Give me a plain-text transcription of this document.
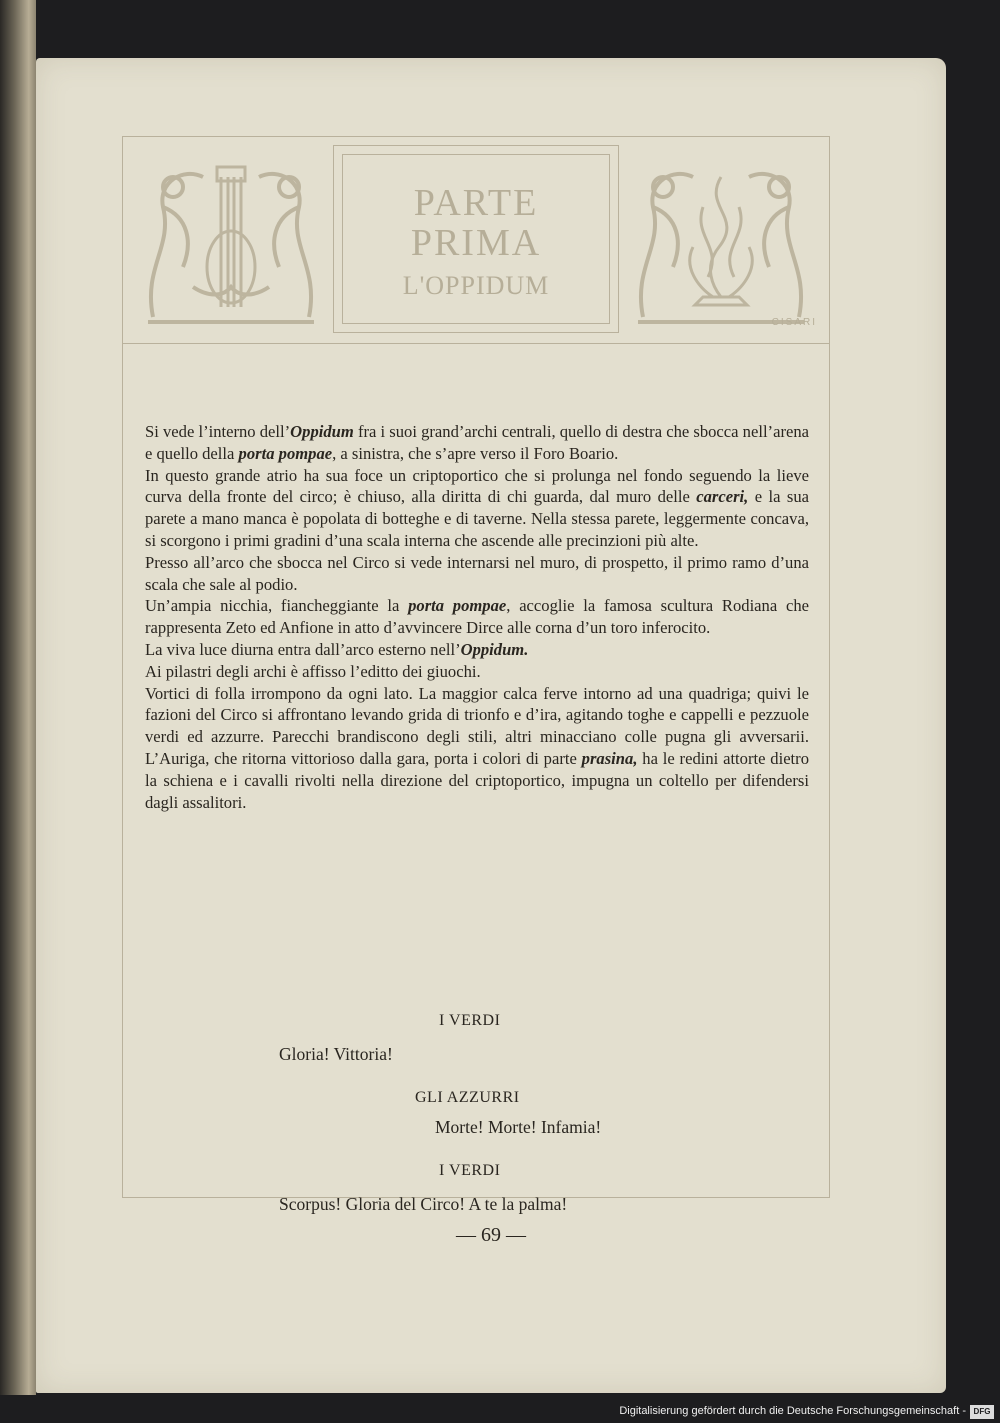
PARTE
PRIMA
L'OPPIDUM
CISARI

Si vede l’interno dell’Oppidum fra i suoi grand’archi centrali, quello di destra che sbocca nell’arena e quello della porta pompae, a sinistra, che s’apre verso il Foro Boario.

In questo grande atrio ha sua foce un criptoportico che si prolunga nel fondo seguendo la lieve curva della fronte del circo; è chiuso, alla diritta di chi guarda, dal muro delle carceri, e la sua parete a mano manca è popolata di botteghe e di taverne. Nella stessa parete, leggermente concava, si scorgono i primi gradini d’una scala interna che ascende alle precinzioni più alte.

Presso all’arco che sbocca nel Circo si vede internarsi nel muro, di prospetto, il primo ramo d’una scala che sale al podio.

Un’ampia nicchia, fiancheggiante la porta pompae, accoglie la famosa scultura Rodiana che rappresenta Zeto ed Anfione in atto d’avvincere Dirce alle corna d’un toro inferocito.

La viva luce diurna entra dall’arco esterno nell’Oppidum.

Ai pilastri degli archi è affisso l’editto dei giuochi.

Vortici di folla irrompono da ogni lato. La maggior calca ferve intorno ad una quadriga; quivi le fazioni del Circo si affrontano levando grida di trionfo e d’ira, agitando toghe e cappelli e pezzuole verdi ed azzurre. Parecchi brandiscono degli stili, altri minacciano colle pugna gli avversarii. L’Auriga, che ritorna vittorioso dalla gara, porta i colori di parte prasina, ha le redini attorte dietro la schiena e i cavalli rivolti nella direzione del criptoportico, impugna un coltello per difendersi dagli assalitori.

I VERDI
Gloria! Vittoria!
GLI AZZURRI
Morte! Morte! Infamia!
I VERDI
Scorpus! Gloria del Circo! A te la palma!
— 69 —
Digitalisierung gefördert durch die Deutsche Forschungsgemeinschaft - DFG
